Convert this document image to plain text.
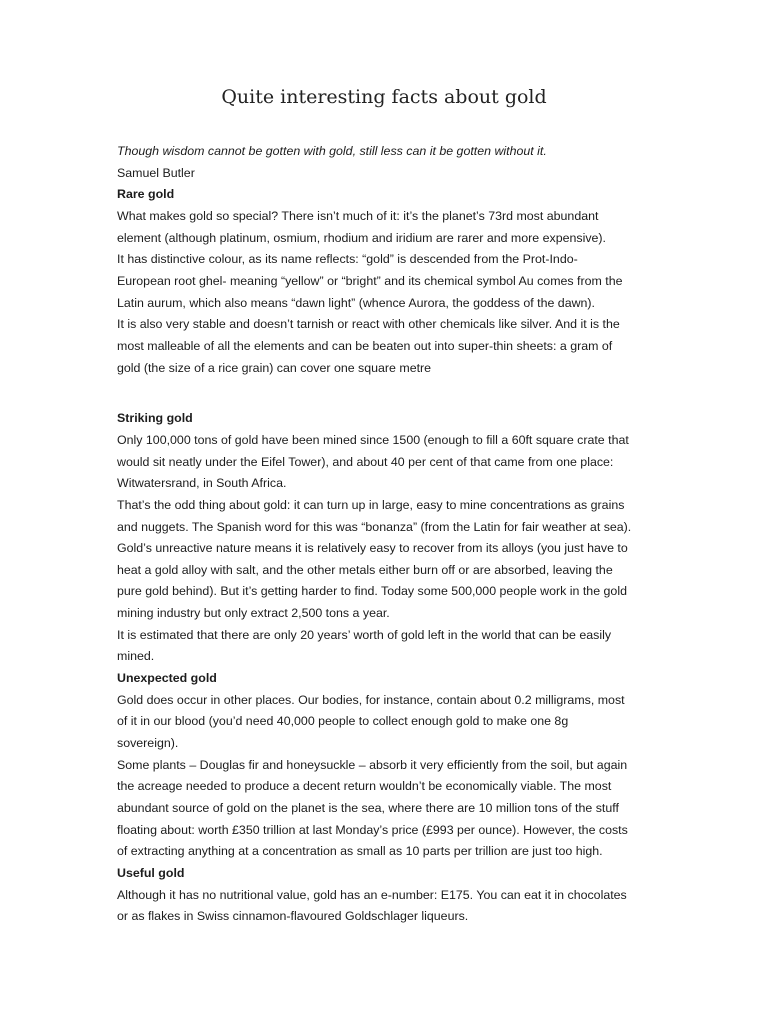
Quite interesting facts about gold

Though wisdom cannot be gotten with gold, still less can it be gotten without it.

Samuel Butler

Rare gold

What makes gold so special? There isn’t much of it: it’s the planet’s 73rd most abundant

element (although platinum, osmium, rhodium and iridium are rarer and more expensive).

It has distinctive colour, as its name reflects: “gold” is descended from the Prot-Indo-

European root ghel- meaning “yellow” or “bright” and its chemical symbol Au comes from the

Latin aurum, which also means “dawn light” (whence Aurora, the goddess of the dawn).

It is also very stable and doesn’t tarnish or react with other chemicals like silver. And it is the

most malleable of all the elements and can be beaten out into super-thin sheets: a gram of

gold (the size of a rice grain) can cover one square metre

Striking gold

Only 100,000 tons of gold have been mined since 1500 (enough to fill a 60ft square crate that

would sit neatly under the Eifel Tower), and about 40 per cent of that came from one place:

Witwatersrand, in South Africa.

That’s the odd thing about gold: it can turn up in large, easy to mine concentrations as grains

and nuggets. The Spanish word for this was “bonanza” (from the Latin for fair weather at sea).

Gold’s unreactive nature means it is relatively easy to recover from its alloys (you just have to

heat a gold alloy with salt, and the other metals either burn off or are absorbed, leaving the

pure gold behind). But it’s getting harder to find. Today some 500,000 people work in the gold

mining industry but only extract 2,500 tons a year.

It is estimated that there are only 20 years’ worth of gold left in the world that can be easily

mined.

Unexpected gold

Gold does occur in other places. Our bodies, for instance, contain about 0.2 milligrams, most

of it in our blood (you’d need 40,000 people to collect enough gold to make one 8g

sovereign).

Some plants – Douglas fir and honeysuckle – absorb it very efficiently from the soil, but again

the acreage needed to produce a decent return wouldn’t be economically viable. The most

abundant source of gold on the planet is the sea, where there are 10 million tons of the stuff

floating about: worth £350 trillion at last Monday’s price (£993 per ounce). However, the costs

of extracting anything at a concentration as small as 10 parts per trillion are just too high.

Useful gold

Although it has no nutritional value, gold has an e-number: E175. You can eat it in chocolates

or as flakes in Swiss cinnamon-flavoured Goldschlager liqueurs.
